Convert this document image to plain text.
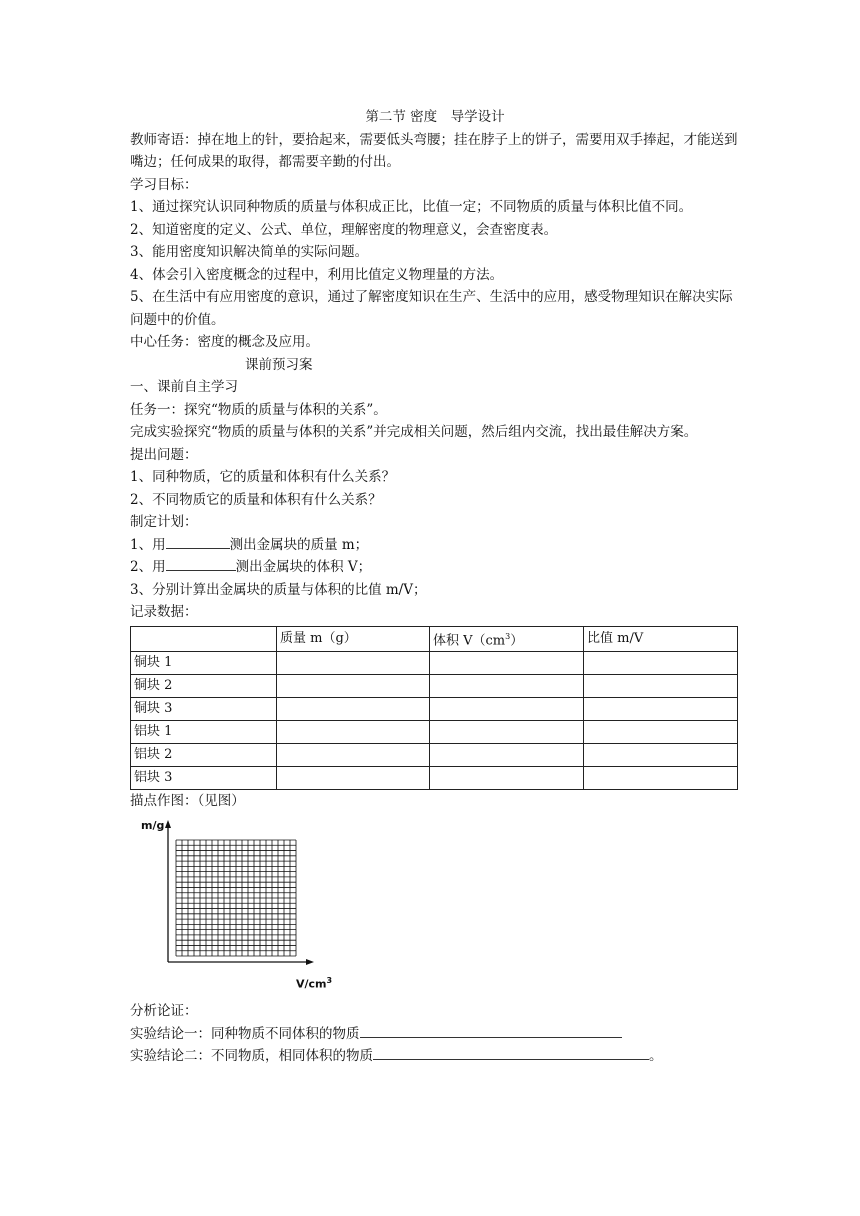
第二节 密度　导学设计
教师寄语：掉在地上的针，要拾起来，需要低头弯腰；挂在脖子上的饼子，需要用双手捧起，才能送到嘴边；任何成果的取得，都需要辛勤的付出。
学习目标：
1、通过探究认识同种物质的质量与体积成正比，比值一定；不同物质的质量与体积比值不同。
2、知道密度的定义、公式、单位，理解密度的物理意义，会查密度表。
3、能用密度知识解决简单的实际问题。
4、体会引入密度概念的过程中，利用比值定义物理量的方法。
5、在生活中有应用密度的意识，通过了解密度知识在生产、生活中的应用，感受物理知识在解决实际问题中的价值。
中心任务：密度的概念及应用。
课前预习案
一、课前自主学习
任务一：探究“物质的质量与体积的关系”。
完成实验探究“物质的质量与体积的关系”并完成相关问题，然后组内交流，找出最佳解决方案。
提出问题：
1、同种物质，它的质量和体积有什么关系？
2、不同物质它的质量和体积有什么关系？
制定计划：
1、用	测出金属块的质量 m；
2、用	测出金属块的体积 V；
3、分别计算出金属块的质量与体积的比值 m/V；
记录数据：
	质量 m（g）	体积 $V(cm^3)$	比值 m/V
铜块 1			
铜块 2			
铜块 3			
铝块 1			
铝块 2			
铝块 3			
描点作图：（见图）
m/g
$V/cm^3$
分析论证：
实验结论一：同种物质不同体积的物质
实验结论二：不同物质，相同体积的物质	。
